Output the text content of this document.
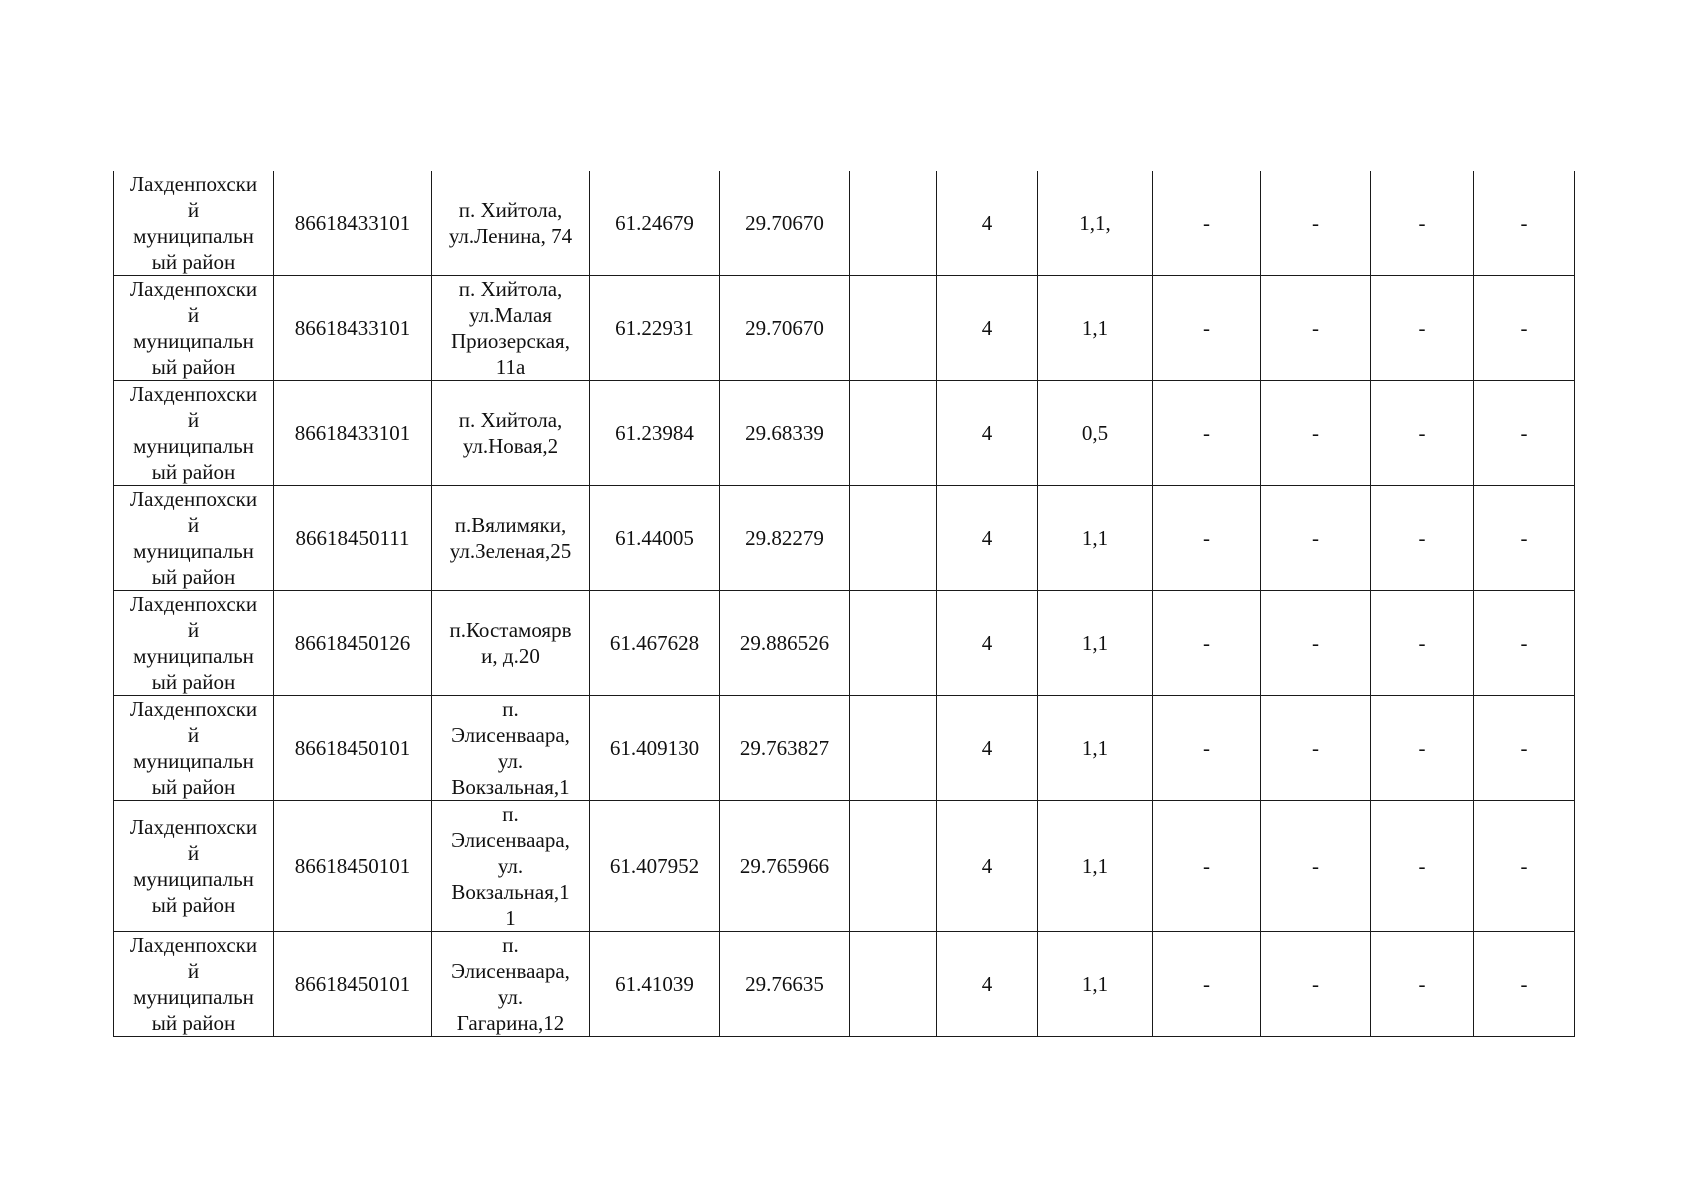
Лахденпохски
й
муниципальн
ый район	86618433101	п. Хийтола,
ул.Ленина, 74	61.24679	29.70670		4	1,1,	-	-	-	-

Лахденпохски
й
муниципальн
ый район	86618433101	п. Хийтола,
ул.Малая
Приозерская,
11а	61.22931	29.70670		4	1,1	-	-	-	-

Лахденпохски
й
муниципальн
ый район	86618433101	п. Хийтола,
ул.Новая,2	61.23984	29.68339		4	0,5	-	-	-	-

Лахденпохски
й
муниципальн
ый район	86618450111	п.Вялимяки,
ул.Зеленая,25	61.44005	29.82279		4	1,1	-	-	-	-

Лахденпохски
й
муниципальн
ый район	86618450126	п.Костамоярв
и, д.20	61.467628	29.886526		4	1,1	-	-	-	-

Лахденпохски
й
муниципальн
ый район	86618450101	п.
Элисенваара,
ул.
Вокзальная,1	61.409130	29.763827		4	1,1	-	-	-	-

Лахденпохски
й
муниципальн
ый район	86618450101	п.
Элисенваара,
ул.
Вокзальная,1
1	61.407952	29.765966		4	1,1	-	-	-	-

Лахденпохски
й
муниципальн
ый район	86618450101	п.
Элисенваара,
ул.
Гагарина,12	61.41039	29.76635		4	1,1	-	-	-	-
